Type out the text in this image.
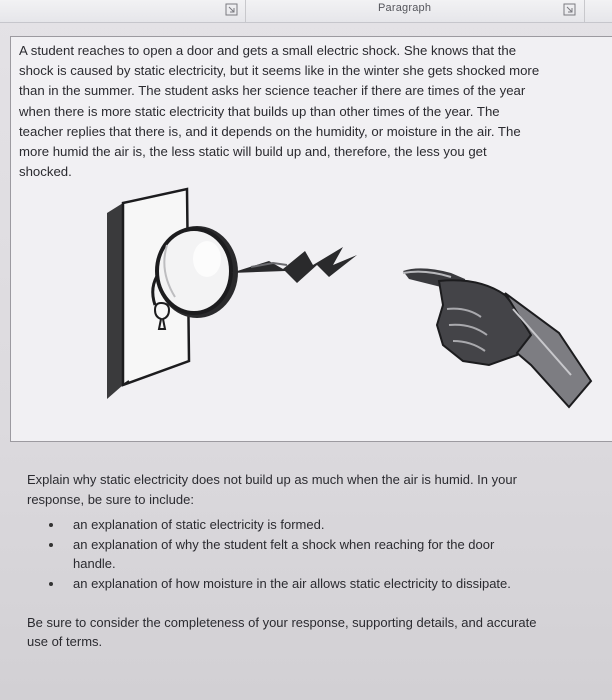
Paragraph
A student reaches to open a door and gets a small electric shock. She knows that the
shock is caused by static electricity, but it seems like in the winter she gets shocked more
than in the summer. The student asks her science teacher if there are times of the year
when there is more static electricity that builds up than other times of the year. The
teacher replies that there is, and it depends on the humidity, or moisture in the air. The
more humid the air is, the less static will build up and, therefore, the less you get
shocked.
Explain why static electricity does not build up as much when the air is humid. In your
response, be sure to include:
an explanation of static electricity is formed.
an explanation of why the student felt a shock when reaching for the door
handle.
an explanation of how moisture in the air allows static electricity to dissipate.
Be sure to consider the completeness of your response, supporting details, and accurate
use of terms.
